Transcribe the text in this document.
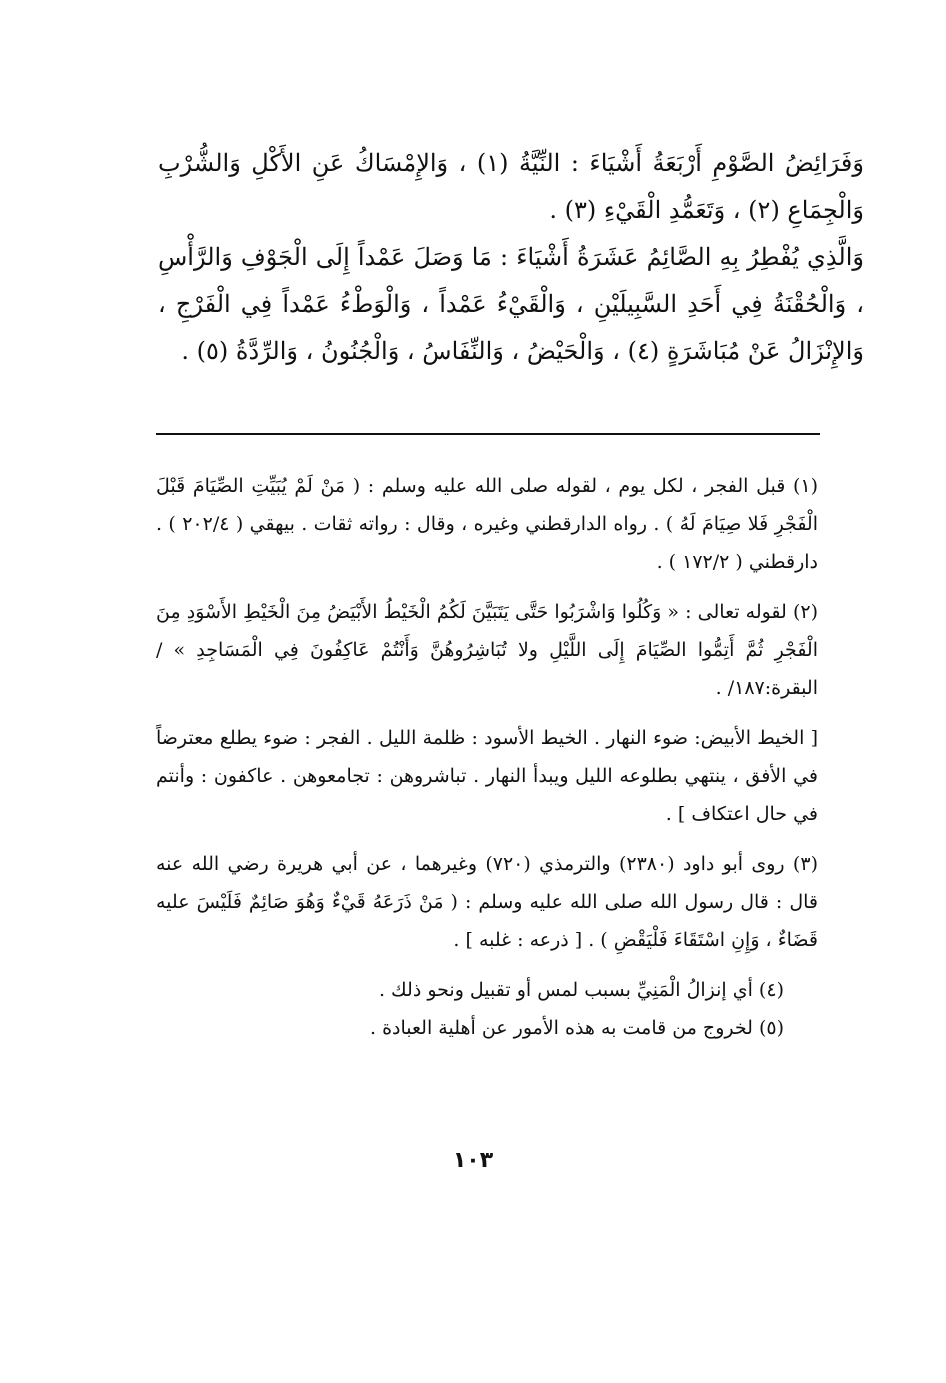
وَفَرَائِضُ الصَّوْمِ أَرْبَعَةُ أَشْيَاءَ : النِّيَّةُ (١) ، وَالإِمْسَاكُ عَنِ الأَكْلِ وَالشُّرْبِ وَالْجِمَاعِ (٢) ، وَتَعَمُّدِ الْقَيْءِ (٣) .

وَالَّذِي يُفْطِرُ بِهِ الصَّائِمُ عَشَرَةُ أَشْيَاءَ : مَا وَصَلَ عَمْداً إِلَى الْجَوْفِ وَالرَّأْسِ ، وَالْحُقْنَةُ فِي أَحَدِ السَّبِيلَيْنِ ، وَالْقَيْءُ عَمْداً ، وَالْوَطْءُ عَمْداً فِي الْفَرْجِ ، وَالإِنْزَالُ عَنْ مُبَاشَرَةٍ (٤) ، وَالْحَيْضُ ، وَالنِّفَاسُ ، وَالْجُنُونُ ، وَالرِّدَّةُ (٥) .

(١) قبل الفجر ، لكل يوم ، لقوله صلى الله عليه وسلم : ( مَنْ لَمْ يُبَيِّتِ الصِّيَامَ قَبْلَ الْفَجْرِ فَلا صِيَامَ لَهُ ) . رواه الدارقطني وغيره ، وقال : رواته ثقات . بيهقي ( ٢٠٢/٤ ) . دارقطني ( ١٧٢/٢ ) .

(٢) لقوله تعالى : « وَكُلُوا وَاشْرَبُوا حَتَّى يَتَبَيَّنَ لَكُمُ الْخَيْطُ الأَبْيَضُ مِنَ الْخَيْطِ الأَسْوَدِ مِنَ الْفَجْرِ ثُمَّ أَتِمُّوا الصِّيَامَ إِلَى اللَّيْلِ ولا تُبَاشِرُوهُنَّ وَأَنْتُمْ عَاكِفُونَ فِي الْمَسَاجِدِ » / البقرة:١٨٧/ .

[ الخيط الأبيض: ضوء النهار . الخيط الأسود : ظلمة الليل . الفجر : ضوء يطلع معترضاً في الأفق ، ينتهي بطلوعه الليل ويبدأ النهار . تباشروهن : تجامعوهن . عاكفون : وأنتم في حال اعتكاف ] .

(٣) روى أبو داود (٢٣٨٠) والترمذي (٧٢٠) وغيرهما ، عن أبي هريرة رضي الله عنه قال : قال رسول الله صلى الله عليه وسلم : ( مَنْ ذَرَعَهُ قَيْءٌ وَهُوَ صَائِمٌ فَلَيْسَ عليه قَضَاءٌ ، وَإِنِ اسْتَقَاءَ فَلْيَقْضِ ) . [ ذرعه : غلبه ] .

(٤) أي إنزالُ الْمَنِيِّ بسبب لمس أو تقبيل ونحو ذلك .

(٥) لخروج من قامت به هذه الأمور عن أهلية العبادة .

١٠٣
